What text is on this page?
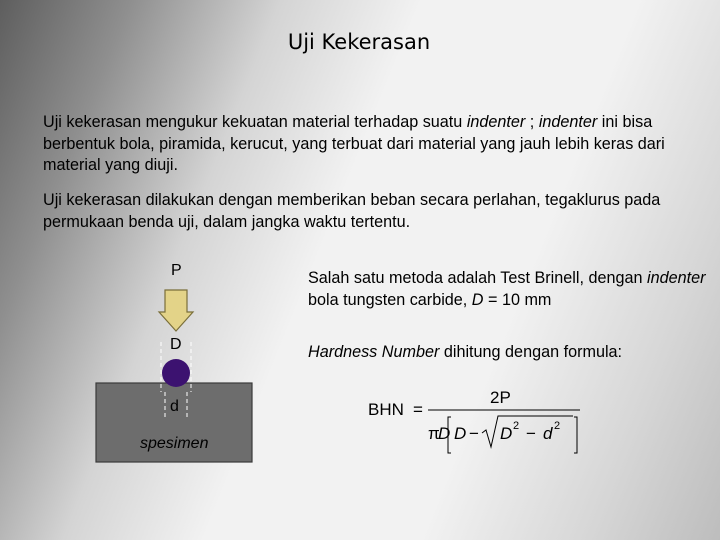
Uji Kekerasan
Uji kekerasan mengukur kekuatan material terhadap suatu indenter ; indenter ini bisa berbentuk bola, piramida, kerucut, yang terbuat dari material yang jauh lebih keras dari material yang diuji.
Uji kekerasan dilakukan dengan memberikan beban secara perlahan, tegaklurus pada permukaan benda uji, dalam jangka waktu tertentu.
P
D
d
spesimen
Salah satu metoda adalah Test Brinell, dengan indenter bola tungsten carbide, D = 10 mm
Hardness Number dihitung dengan formula:
BHN =
2P
π
D D − D 2 − d 2
